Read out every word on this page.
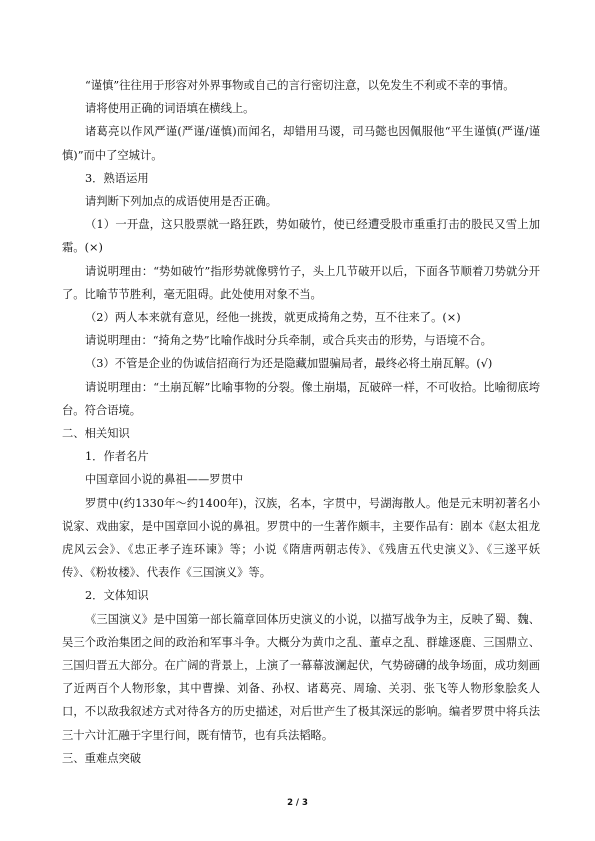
“谨慎”往往用于形容对外界事物或自己的言行密切注意，以免发生不利或不幸的事情。

请将使用正确的词语填在横线上。

诸葛亮以作风严谨(严谨/谨慎)而闻名，却错用马谡，司马懿也因佩服他“平生谨慎(严谨/谨慎)”而中了空城计。

3．熟语运用

请判断下列加点的成语使用是否正确。

（1）一开盘，这只股票就一路狂跌，势如破竹，使已经遭受股市重重打击的股民又雪上加霜。(×)

请说明理由：“势如破竹”指形势就像劈竹子，头上几节破开以后，下面各节顺着刀势就分开了。比喻节节胜利，毫无阻碍。此处使用对象不当。

（2）两人本来就有意见，经他一挑拨，就更成掎角之势，互不往来了。(×)

请说明理由：“掎角之势”比喻作战时分兵牵制，或合兵夹击的形势，与语境不合。

（3）不管是企业的伪诚信招商行为还是隐藏加盟骗局者，最终必将土崩瓦解。(√)

请说明理由：“土崩瓦解”比喻事物的分裂。像土崩塌，瓦破碎一样，不可收拾。比喻彻底垮台。符合语境。

二、相关知识

1．作者名片

中国章回小说的鼻祖——罗贯中

罗贯中(约1330年～约1400年)，汉族，名本，字贯中，号湖海散人。他是元末明初著名小说家、戏曲家，是中国章回小说的鼻祖。罗贯中的一生著作颇丰，主要作品有：剧本《赵太祖龙虎风云会》、《忠正孝子连环谏》等；小说《隋唐两朝志传》、《残唐五代史演义》、《三遂平妖传》、《粉妆楼》、代表作《三国演义》等。

2．文体知识

《三国演义》是中国第一部长篇章回体历史演义的小说，以描写战争为主，反映了蜀、魏、吴三个政治集团之间的政治和军事斗争。大概分为黄巾之乱、董卓之乱、群雄逐鹿、三国鼎立、三国归晋五大部分。在广阔的背景上，上演了一幕幕波澜起伏，气势磅礴的战争场面，成功刻画了近两百个人物形象，其中曹操、刘备、孙权、诸葛亮、周瑜、关羽、张飞等人物形象脍炙人口，不以敌我叙述方式对待各方的历史描述，对后世产生了极其深远的影响。编者罗贯中将兵法三十六计汇融于字里行间，既有情节，也有兵法韬略。

三、重难点突破

2 / 3
